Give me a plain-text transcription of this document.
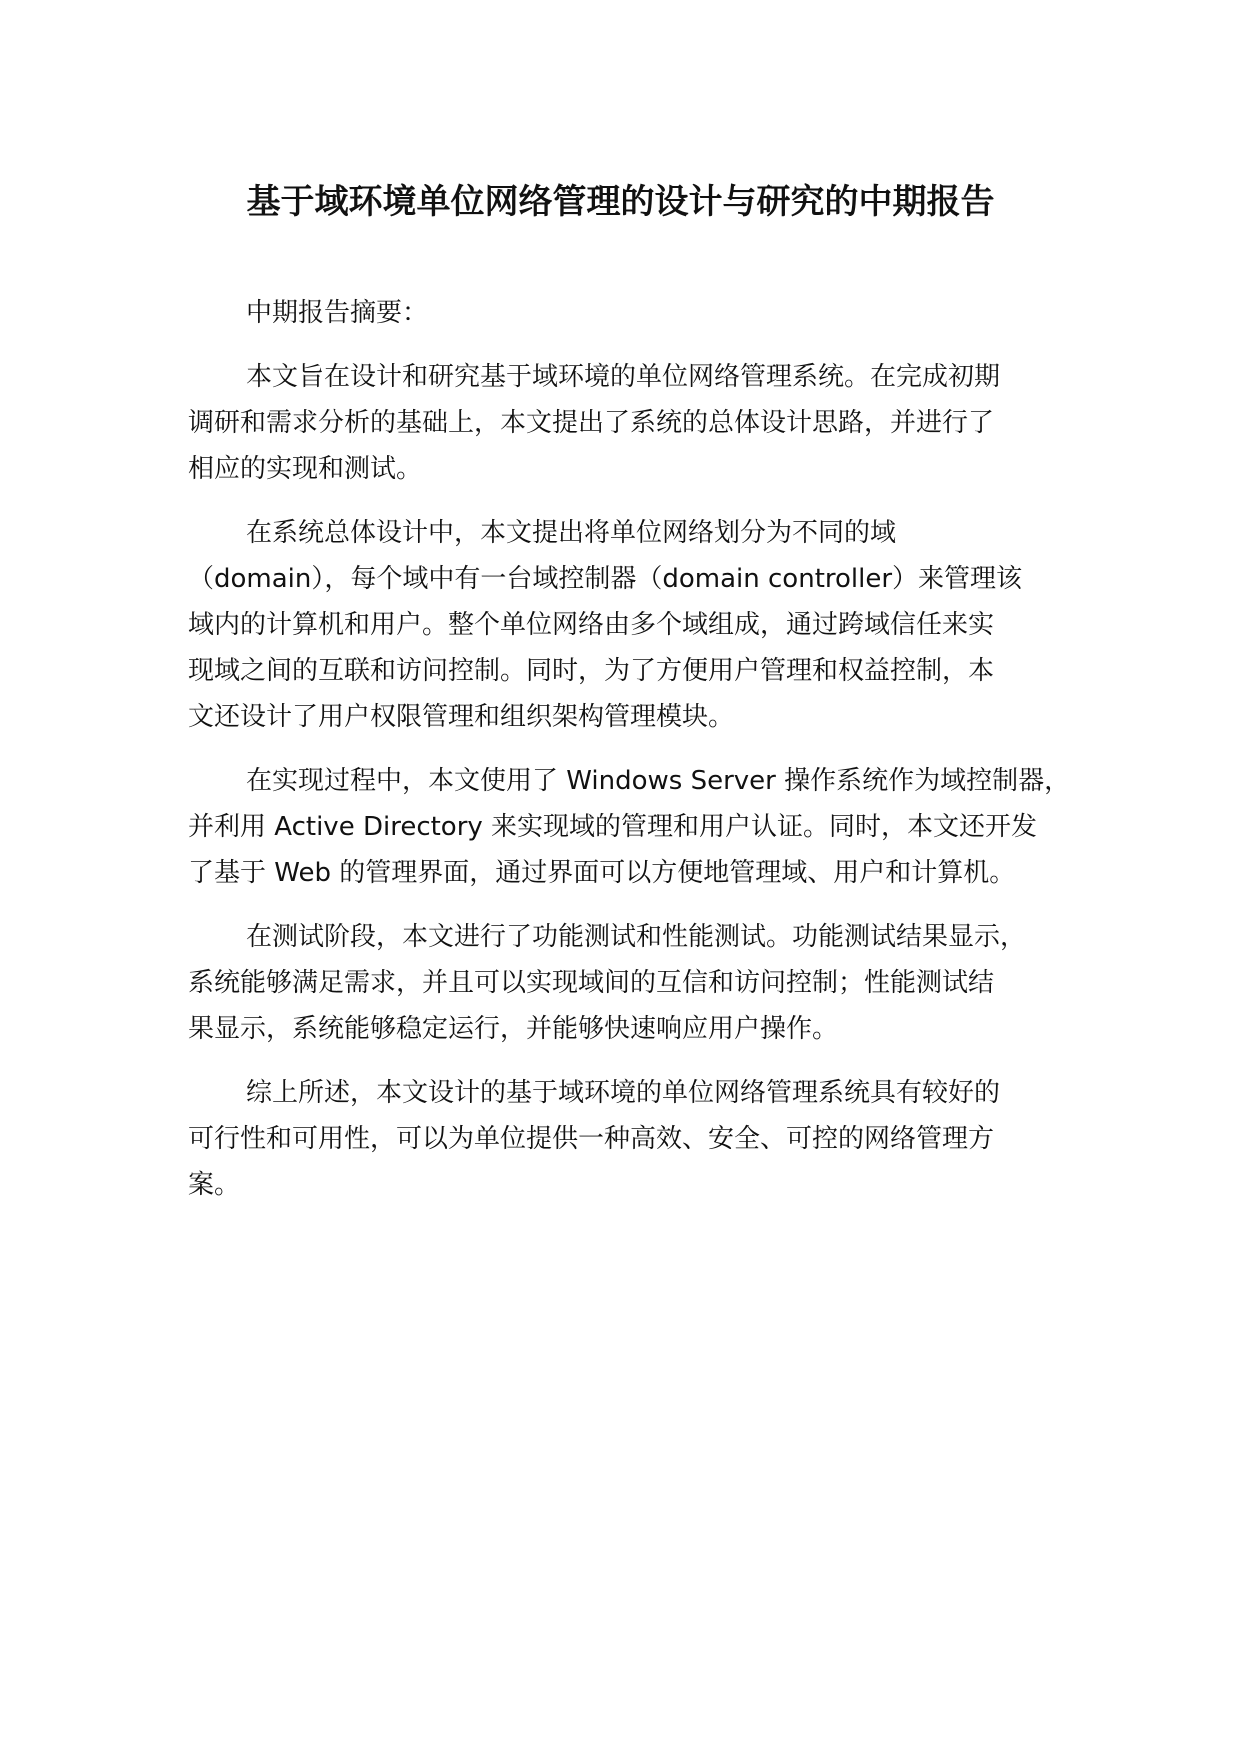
基于域环境单位网络管理的设计与研究的中期报告

中期报告摘要：

本文旨在设计和研究基于域环境的单位网络管理系统。在完成初期
调研和需求分析的基础上，本文提出了系统的总体设计思路，并进行了
相应的实现和测试。

在系统总体设计中，本文提出将单位网络划分为不同的域
（domain），每个域中有一台域控制器（domain controller）来管理该
域内的计算机和用户。整个单位网络由多个域组成，通过跨域信任来实
现域之间的互联和访问控制。同时，为了方便用户管理和权益控制，本
文还设计了用户权限管理和组织架构管理模块。

在实现过程中，本文使用了 Windows Server 操作系统作为域控制器，
并利用 Active Directory 来实现域的管理和用户认证。同时，本文还开发
了基于 Web 的管理界面，通过界面可以方便地管理域、用户和计算机。

在测试阶段，本文进行了功能测试和性能测试。功能测试结果显示，
系统能够满足需求，并且可以实现域间的互信和访问控制；性能测试结
果显示，系统能够稳定运行，并能够快速响应用户操作。

综上所述，本文设计的基于域环境的单位网络管理系统具有较好的
可行性和可用性，可以为单位提供一种高效、安全、可控的网络管理方
案。
